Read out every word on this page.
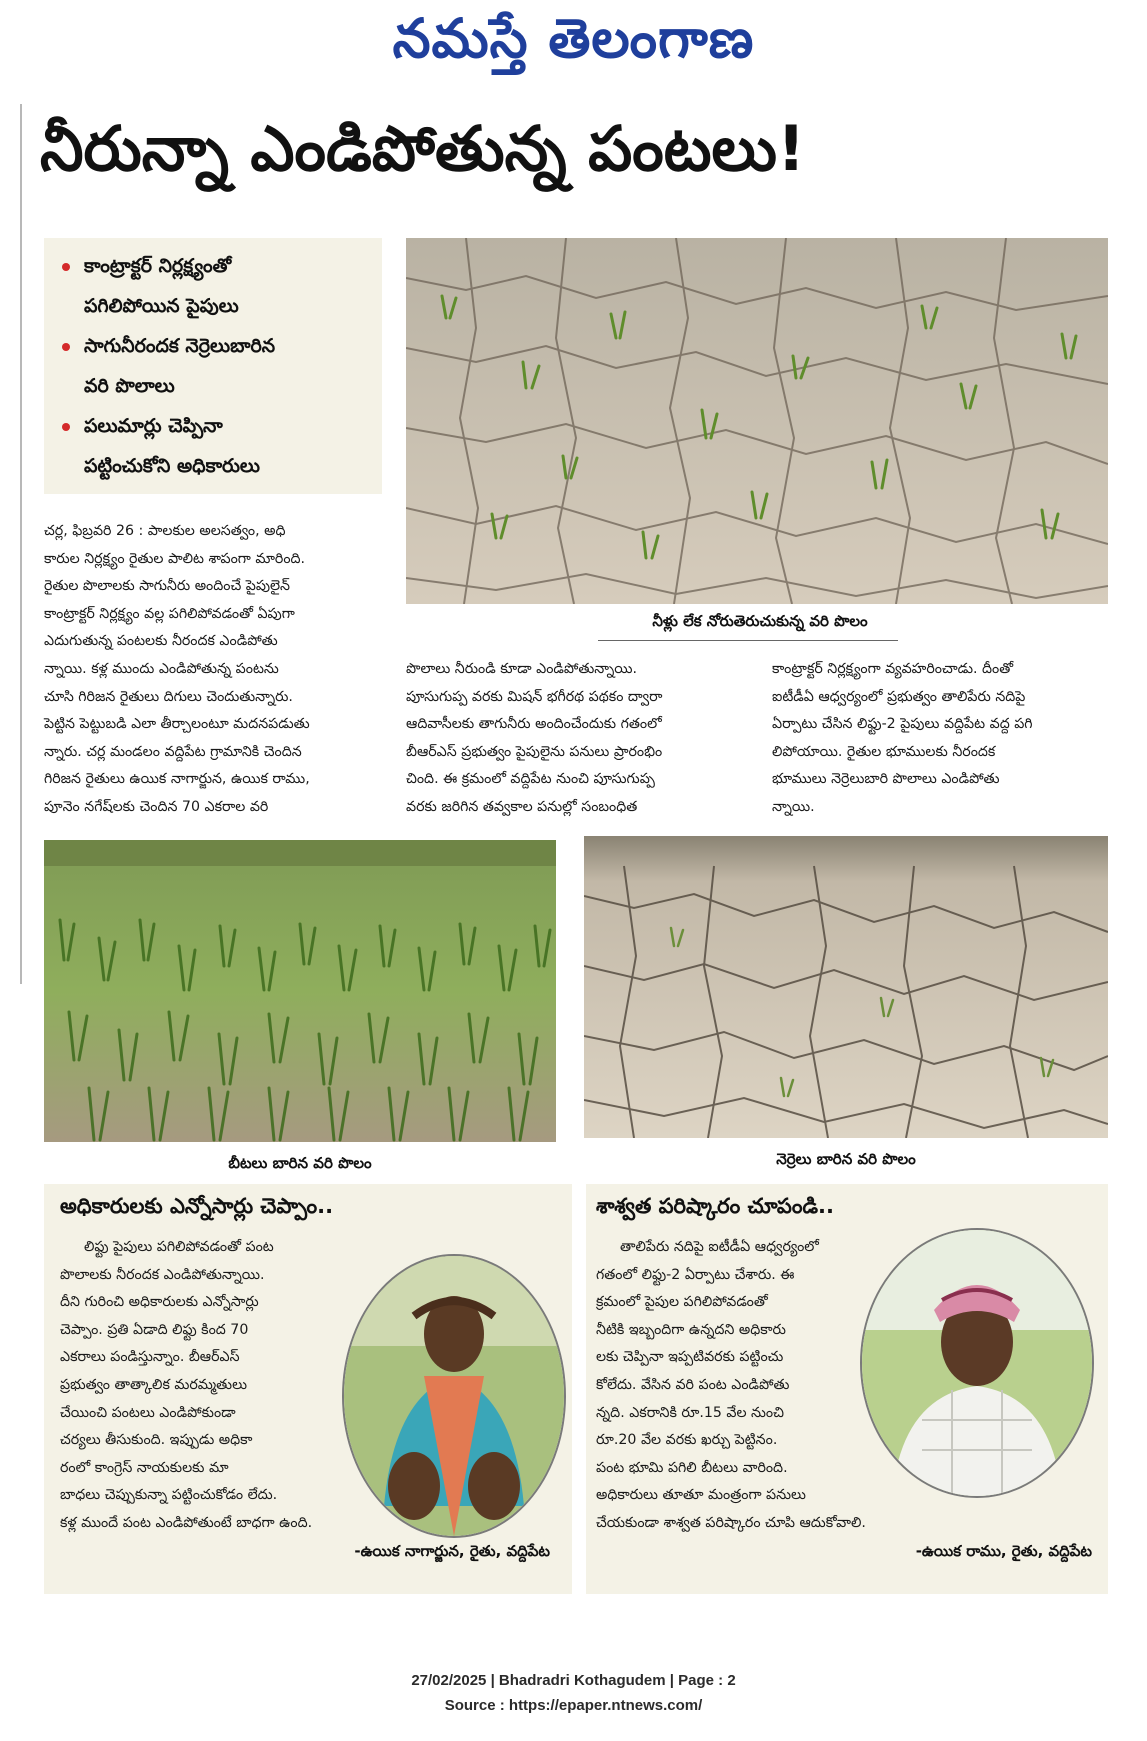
నమస్తే తెలంగాణ
నీరున్నా ఎండిపోతున్న పంటలు!
కాంట్రాక్టర్ నిర్లక్ష్యంతో
పగిలిపోయిన పైపులు
సాగునీరందక నెర్రెలుబారిన
వరి పొలాలు
పలుమార్లు చెప్పినా
పట్టించుకోని అధికారులు
నీళ్లు లేక నోరుతెరుచుకున్న వరి పొలం

చర్ల, ఫిబ్రవరి 26 : పాలకుల అలసత్వం, అధి

కారుల నిర్లక్ష్యం రైతుల పాలిట శాపంగా మారింది.

రైతుల పొలాలకు సాగునీరు అందించే పైపులైన్

కాంట్రాక్టర్ నిర్లక్ష్యం వల్ల పగిలిపోవడంతో ఏపుగా

ఎదుగుతున్న పంటలకు నీరందక ఎండిపోతు

న్నాయి. కళ్ల ముందు ఎండిపోతున్న పంటను

చూసి గిరిజన రైతులు దిగులు చెందుతున్నారు.

పెట్టిన పెట్టుబడి ఎలా తీర్చాలంటూ మదనపడుతు

న్నారు. చర్ల మండలం వద్దిపేట గ్రామానికి చెందిన

గిరిజన రైతులు ఉయిక నాగార్జున, ఉయిక రాము,

పూనెం నగేష్‌లకు చెందిన 70 ఎకరాల వరి

పొలాలు నీరుండి కూడా ఎండిపోతున్నాయి.

పూసుగుప్ప వరకు మిషన్ భగీరథ పథకం ద్వారా

ఆదివాసీలకు తాగునీరు అందించేందుకు గతంలో

బీఆర్ఎస్ ప్రభుత్వం పైపులైను పనులు ప్రారంభిం

చింది. ఈ క్రమంలో వద్దిపేట నుంచి పూసుగుప్ప

వరకు జరిగిన తవ్వకాల పనుల్లో సంబంధిత

కాంట్రాక్టర్ నిర్లక్ష్యంగా వ్యవహరించాడు. దీంతో

ఐటీడీఏ ఆధ్వర్యంలో ప్రభుత్వం తాలిపేరు నదిపై

ఏర్పాటు చేసిన లిఫ్టు-2 పైపులు వద్దిపేట వద్ద పగి

లిపోయాయి. రైతుల భూములకు నీరందక

భూములు నెర్రెలుబారి పొలాలు ఎండిపోతు

న్నాయి.

బీటలు బారిన వరి పొలం	నెర్రెలు బారిన వరి పొలం
అధికారులకు ఎన్నోసార్లు చెప్పాం..

లిఫ్టు పైపులు పగిలిపోవడంతో పంట

పొలాలకు నీరందక ఎండిపోతున్నాయి.

దీని గురించి అధికారులకు ఎన్నోసార్లు

చెప్పాం. ప్రతి ఏడాది లిఫ్టు కింద 70

ఎకరాలు పండిస్తున్నాం. బీఆర్ఎస్

ప్రభుత్వం తాత్కాలిక మరమ్మతులు

చేయించి పంటలు ఎండిపోకుండా

చర్యలు తీసుకుంది. ఇప్పుడు అధికా

రంలో కాంగ్రెస్ నాయకులకు మా

బాధలు చెప్పుకున్నా పట్టించుకోడం లేదు.

కళ్ల ముందే పంట ఎండిపోతుంటే బాధగా ఉంది.

-ఉయిక నాగార్జున, రైతు, వద్దిపేట
శాశ్వత పరిష్కారం చూపండి..

తాలిపేరు నదిపై ఐటీడీఏ ఆధ్వర్యంలో

గతంలో లిఫ్టు-2 ఏర్పాటు చేశారు. ఈ

క్రమంలో పైపుల పగిలిపోవడంతో

నీటికి ఇబ్బందిగా ఉన్నదని అధికారు

లకు చెప్పినా ఇప్పటివరకు పట్టించు

కోలేదు. వేసిన వరి పంట ఎండిపోతు

న్నది. ఎకరానికి రూ.15 వేల నుంచి

రూ.20 వేల వరకు ఖర్చు పెట్టినం.

పంట భూమి పగిలి బీటలు వారింది.

అధికారులు తూతూ మంత్రంగా పనులు

చేయకుండా శాశ్వత పరిష్కారం చూపి ఆదుకోవాలి.

-ఉయిక రాము, రైతు, వద్దిపేట
27/02/2025 | Bhadradri Kothagudem | Page : 2
Source : https://epaper.ntnews.com/
